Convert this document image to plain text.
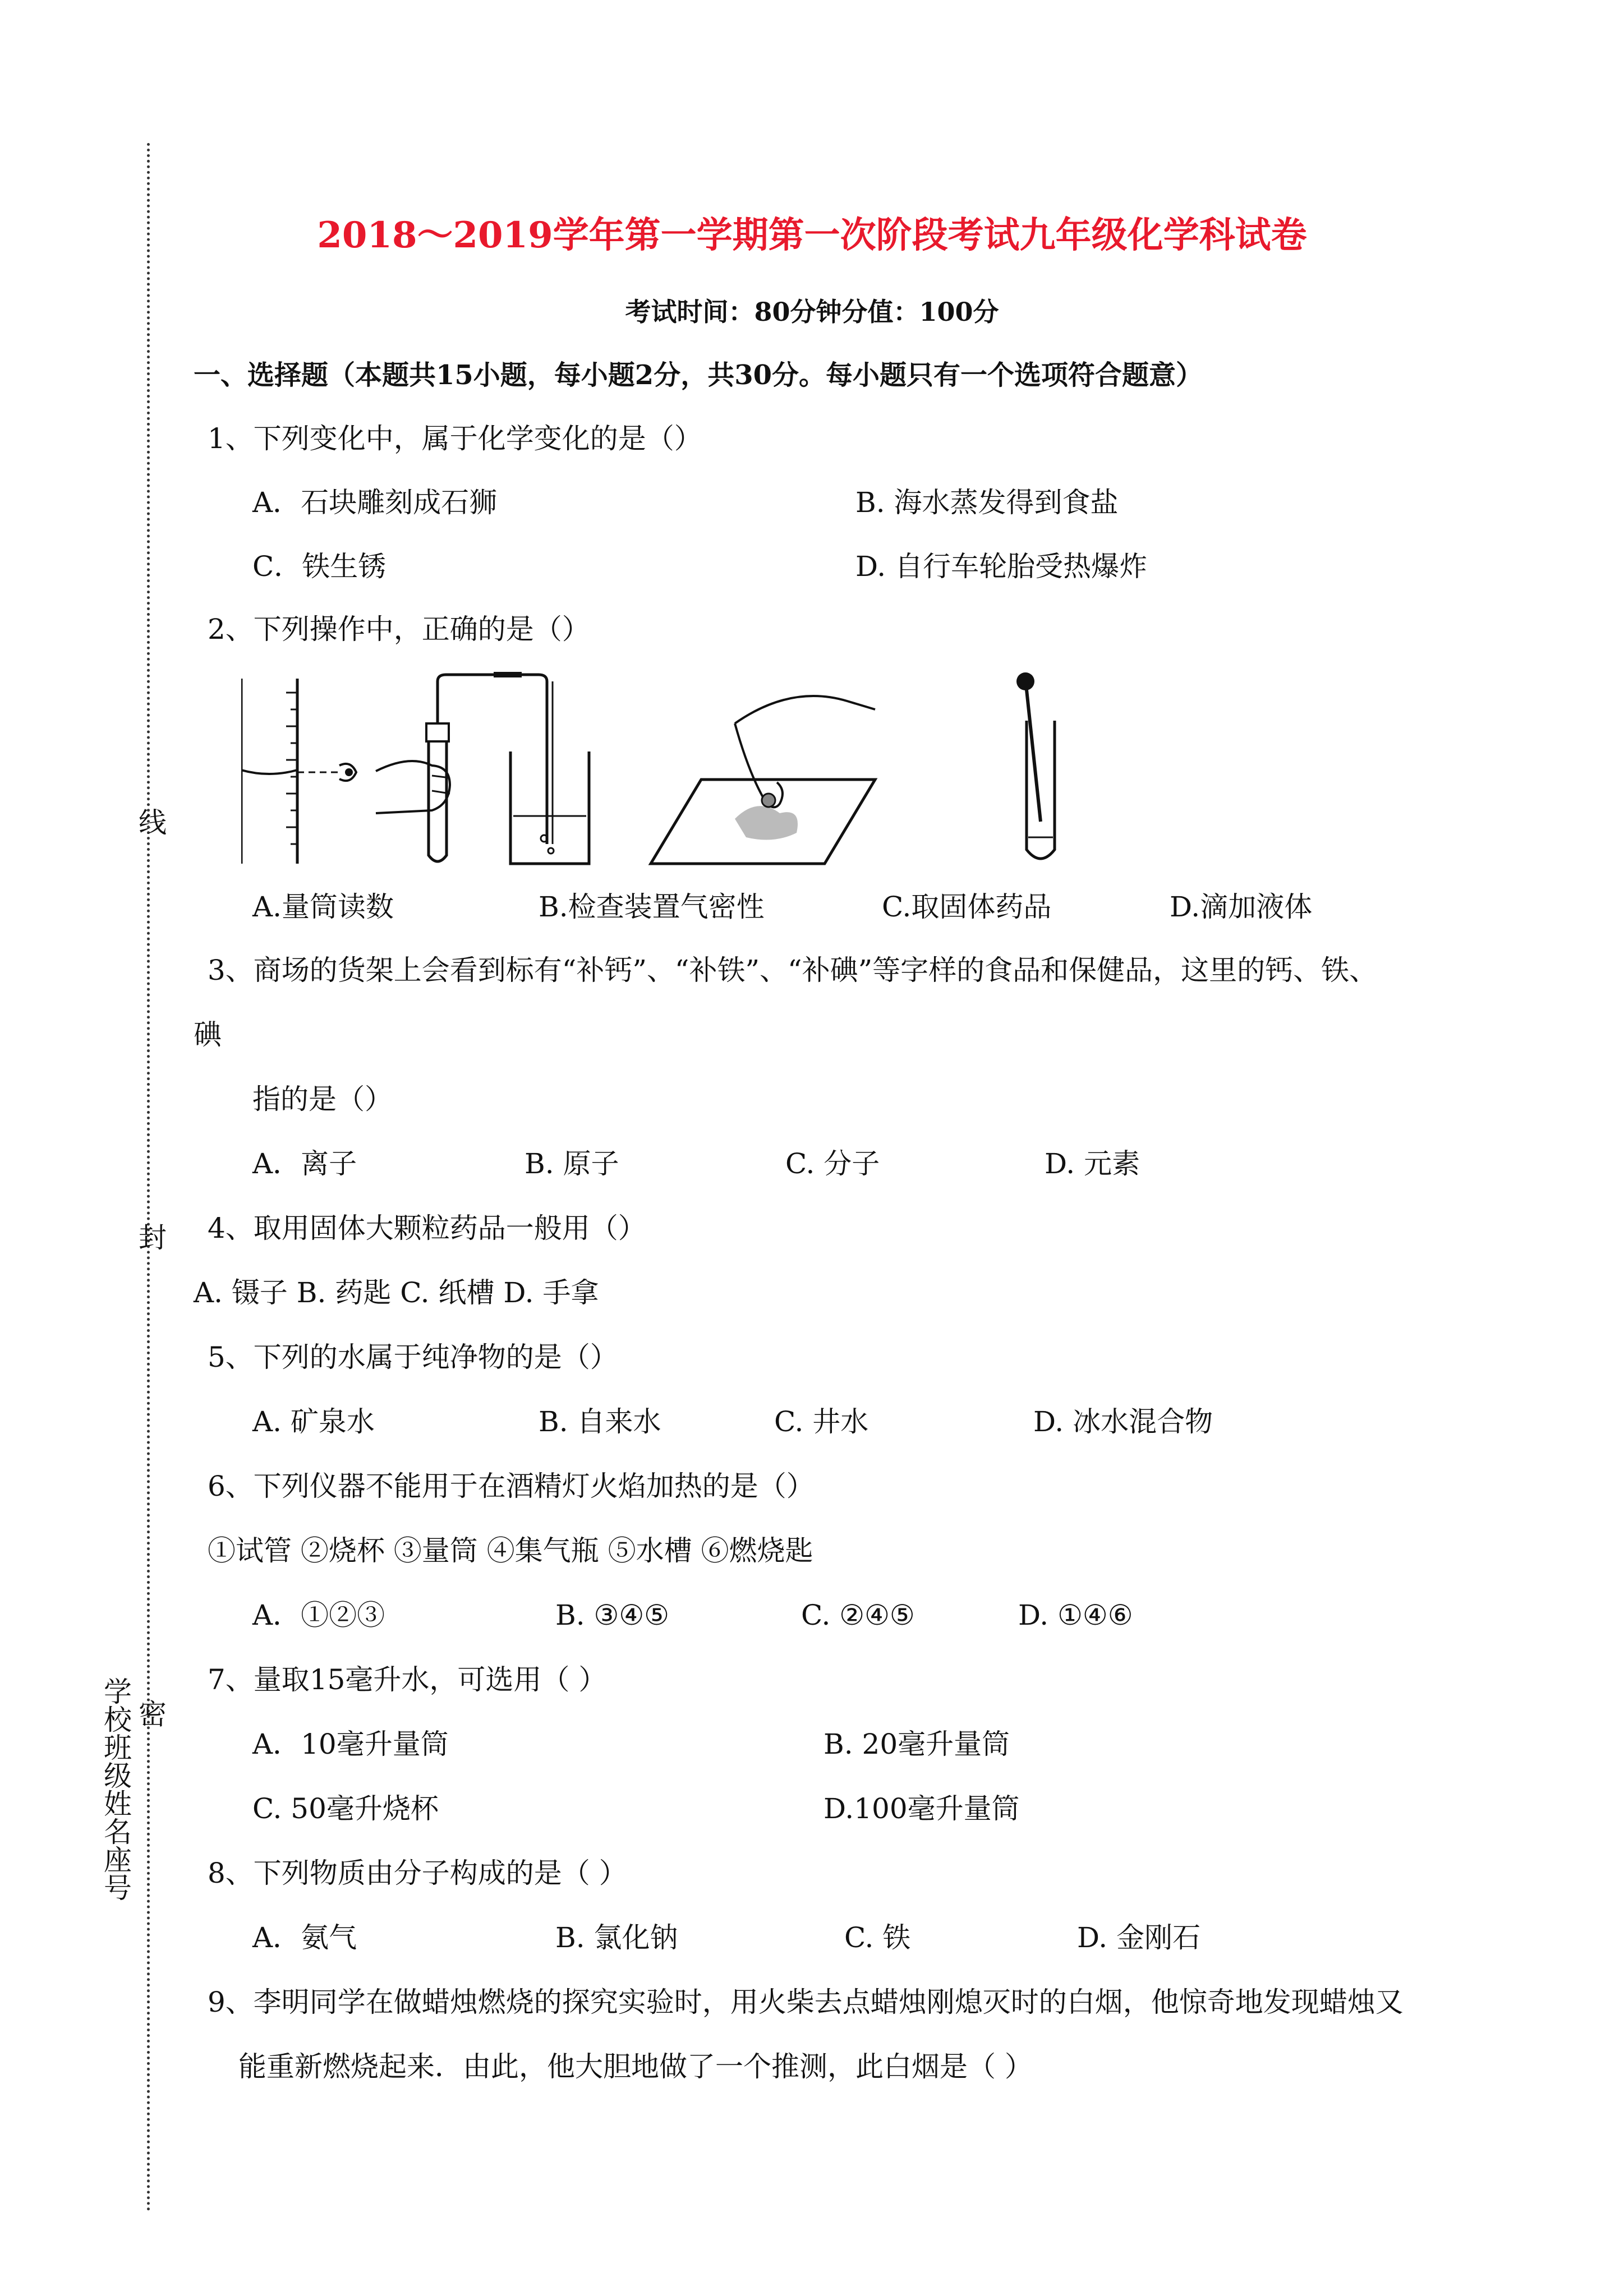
线
封
密
学校班级姓名座号
2018～2019学年第一学期第一次阶段考试九年级化学科试卷
考试时间：80分钟分值：100分
一、选择题（本题共15小题，每小题2分，共30分。每小题只有一个选项符合题意）
1、下列变化中，属于化学变化的是（）
A．石块雕刻成石狮	B. 海水蒸发得到食盐
C．铁生锈	D. 自行车轮胎受热爆炸
2、下列操作中，正确的是（）
A.量筒读数	B.检查装置气密性	C.取固体药品	D.滴加液体
3、商场的货架上会看到标有“补钙”、“补铁”、“补碘”等字样的食品和保健品，这里的钙、铁、
碘
指的是（）
A．离子	B. 原子	C. 分子	D. 元素
4、取用固体大颗粒药品一般用（）
A. 镊子 B. 药匙 C. 纸槽 D. 手拿
5、下列的水属于纯净物的是（）
A. 矿泉水	B. 自来水	C. 井水	D. 冰水混合物
6、下列仪器不能用于在酒精灯火焰加热的是（）
①试管 ②烧杯 ③量筒 ④集气瓶 ⑤水槽 ⑥燃烧匙
A．①②③	B. ③④⑤	C. ②④⑤	D. ①④⑥
7、量取15毫升水，可选用（ ）
A．10毫升量筒	B. 20毫升量筒
C. 50毫升烧杯	D.100毫升量筒
8、下列物质由分子构成的是（ ）
A．氨气	B. 氯化钠	C. 铁	D. 金刚石
9、李明同学在做蜡烛燃烧的探究实验时，用火柴去点蜡烛刚熄灭时的白烟，他惊奇地发现蜡烛又
能重新燃烧起来．由此，他大胆地做了一个推测，此白烟是（ ）
